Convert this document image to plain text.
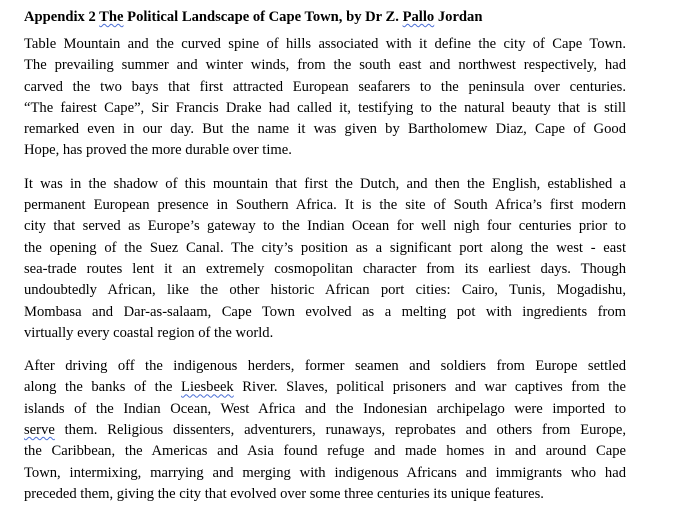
Appendix 2 The Political Landscape of Cape Town, by Dr Z. Pallo Jordan
Table Mountain and the curved spine of hills associated with it define the city of Cape Town.
The prevailing summer and winter winds, from the south east and northwest respectively, had
carved the two bays that first attracted European seafarers to the peninsula over centuries.
“The fairest Cape”, Sir Francis Drake had called it, testifying to the natural beauty that is still
remarked even in our day. But the name it was given by Bartholomew Diaz, Cape of Good
Hope, has proved the more durable over time.
It was in the shadow of this mountain that first the Dutch, and then the English, established a
permanent European presence in Southern Africa. It is the site of South Africa’s first modern
city that served as Europe’s gateway to the Indian Ocean for well nigh four centuries prior to
the opening of the Suez Canal. The city’s position as a significant port along the west - east
sea-trade routes lent it an extremely cosmopolitan character from its earliest days. Though
undoubtedly African, like the other historic African port cities: Cairo, Tunis, Mogadishu,
Mombasa and Dar-as-salaam, Cape Town evolved as a melting pot with ingredients from
virtually every coastal region of the world.
After driving off the indigenous herders, former seamen and soldiers from Europe settled
along the banks of the Liesbeek River. Slaves, political prisoners and war captives from the
islands of the Indian Ocean, West Africa and the Indonesian archipelago were imported to
serve them. Religious dissenters, adventurers, runaways, reprobates and others from Europe,
the Caribbean, the Americas and Asia found refuge and made homes in and around Cape
Town, intermixing, marrying and merging with indigenous Africans and immigrants who had
preceded them, giving the city that evolved over some three centuries its unique features.
